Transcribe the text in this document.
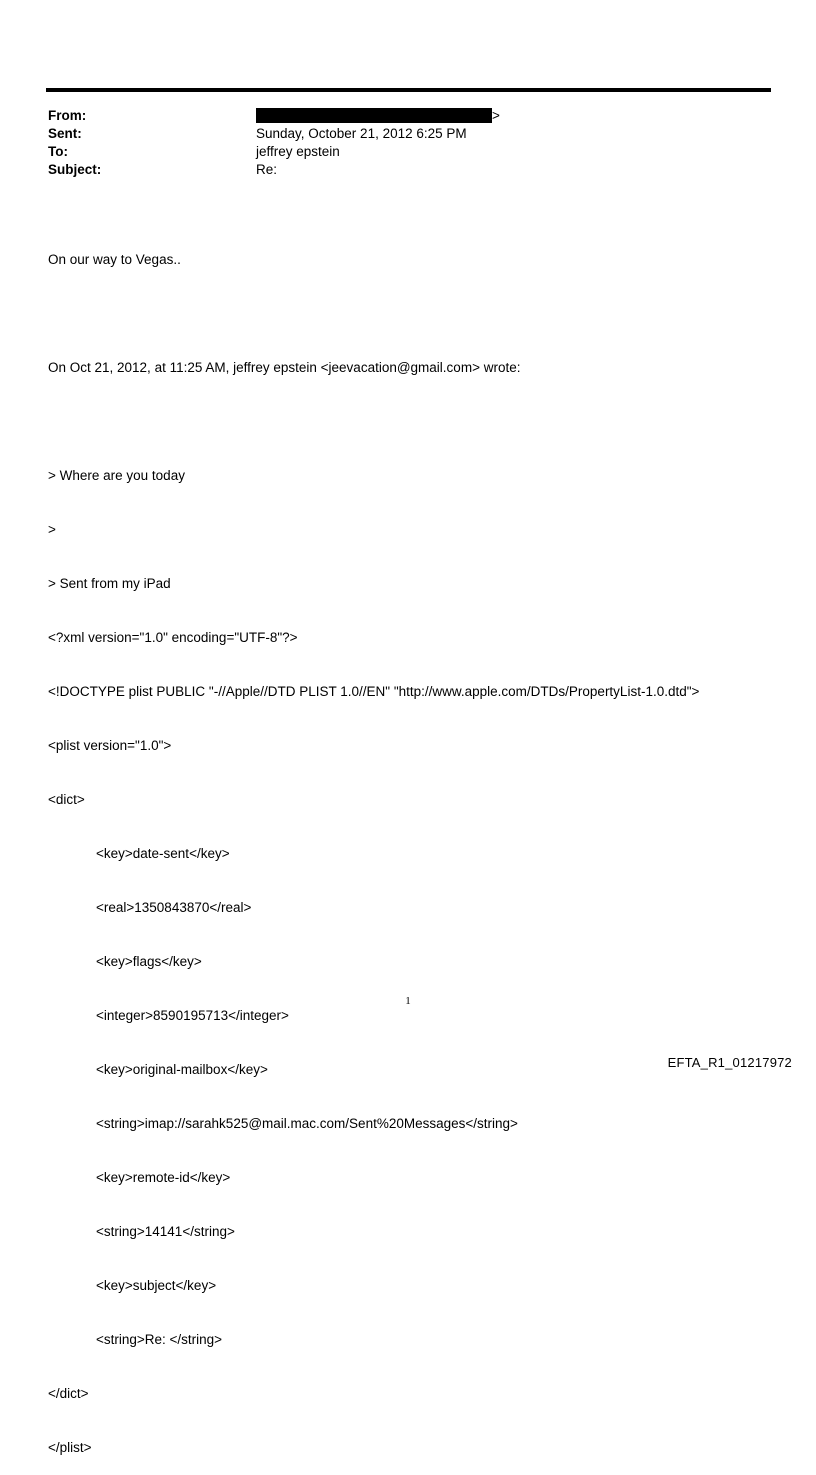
From:	>
Sent:	Sunday, October 21, 2012 6:25 PM
To:	jeffrey epstein
Subject:	Re:

On our way to Vegas..

On Oct 21, 2012, at 11:25 AM, jeffrey epstein <jeevacation@gmail.com> wrote:

> Where are you today

>

> Sent from my iPad

<?xml version="1.0" encoding="UTF-8"?>

<!DOCTYPE plist PUBLIC "-//Apple//DTD PLIST 1.0//EN" "http://www.apple.com/DTDs/PropertyList-1.0.dtd">

<plist version="1.0">

<dict>

<key>date-sent</key>

<real>1350843870</real>

<key>flags</key>

<integer>8590195713</integer>

<key>original-mailbox</key>

<string>imap://sarahk525@mail.mac.com/Sent%20Messages</string>

<key>remote-id</key>

<string>14141</string>

<key>subject</key>

<string>Re: </string>

</dict>

</plist>

1
EFTA_R1_01217972
